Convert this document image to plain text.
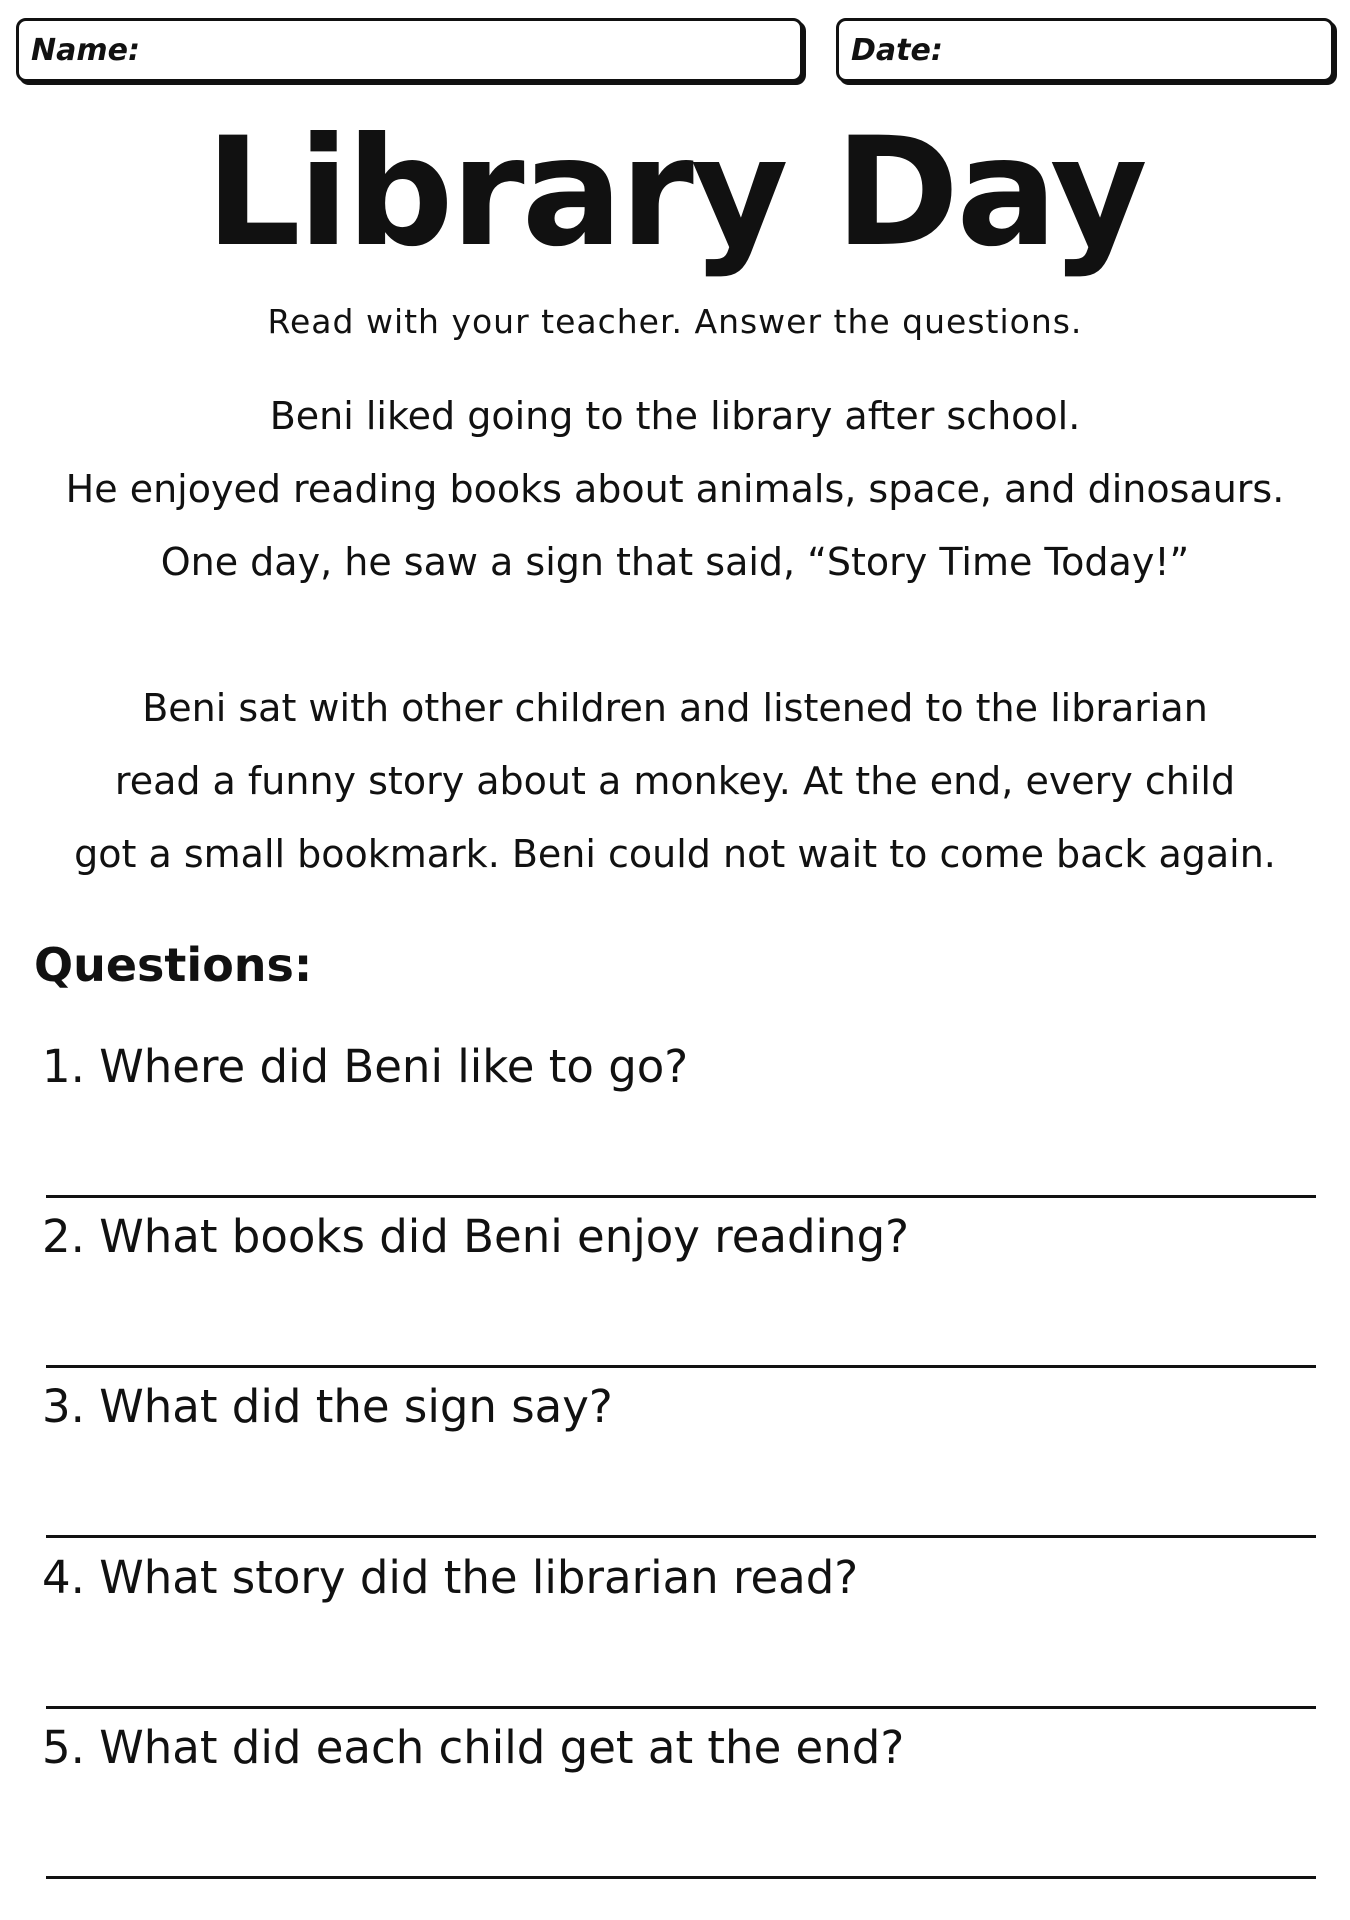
Name:	Date:
Library Day
Read with your teacher. Answer the questions.
Beni liked going to the library after school.
He enjoyed reading books about animals, space, and dinosaurs.
One day, he saw a sign that said, “Story Time Today!”
Beni sat with other children and listened to the librarian
read a funny story about a monkey. At the end, every child
got a small bookmark. Beni could not wait to come back again.
Questions:
1. Where did Beni like to go?
2. What books did Beni enjoy reading?
3. What did the sign say?
4. What story did the librarian read?
5. What did each child get at the end?
